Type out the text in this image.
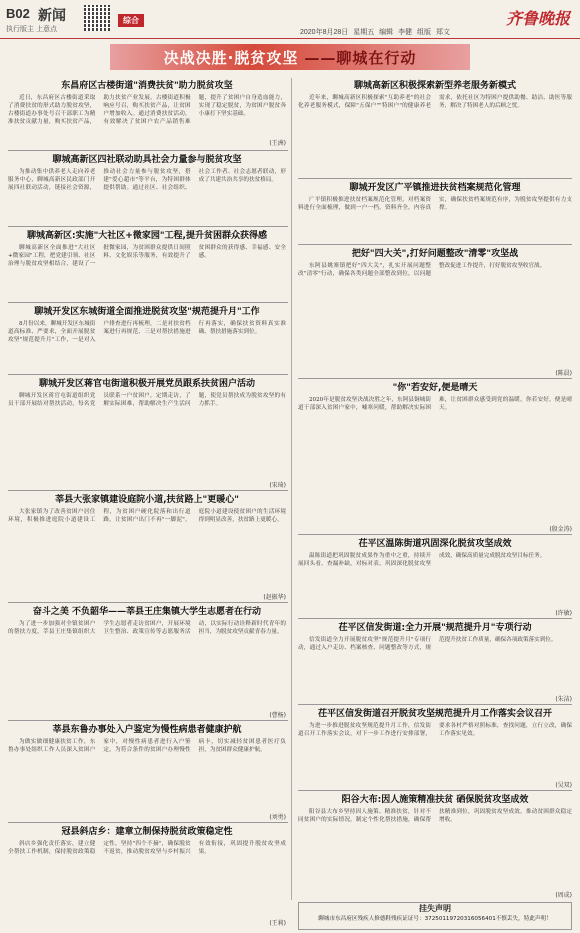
B02 新闻
执行版主 上意点
综合	齐鲁晚报
2020年8月28日 星期五 编辑 李健 组版 郑文
决战决胜·脱贫攻坚 ——聊城在行动
东昌府区古楼街道"消费扶贫"助力脱贫攻坚

近日，东昌府区古楼街道采取了消费扶贫的形式助力脱贫攻坚，古楼街道办事处号召干部职工为精准扶贫贡献力量，购买扶贫产品，助力扶贫产业发展。古楼街道积极响应号召，购买扶贫产品，让贫困户增加收入。通过消费扶贫活动，有效解决了贫困户农产品销售难题，提升了贫困户自身造血能力，实现了稳定脱贫，为贫困户脱贫奔小康打下坚实基础。

(王洲)
聊城高新区四社联动助具社会力量参与脱贫攻坚

为推动集中供养老人走向养老服务中心，聊城高新区民政部门开展四社联动活动，链接社会资源，推动社会力量参与脱贫攻坚，搭建"爱心超市"等平台，为特困群体提供帮助。通过社区、社会组织、社会工作者、社会志愿者联动，形成了共建共治共享的扶贫格局。

聊城高新区:实施"大社区+微家园"工程,提升贫困群众获得感

聊城高新区全面推进"大社区+微家园"工程，把党建引领、社区治理与脱贫攻坚相结合，建设了一批微家园，为贫困群众提供日间照料、文化娱乐等服务，有效提升了贫困群众的获得感、幸福感、安全感。

聊城开发区东城街道全面推进脱贫攻坚"规范提升月"工作

8月份以来，聊城开发区东城街道高标准、严要求，全面开展脱贫攻坚"规范提升月"工作，一是对入户排查进行再梳理，二是对扶贫档案进行再规范，三是对帮扶措施进行再落实，确保扶贫资料真实准确、帮扶措施落实到位。

聊城开发区蒋官屯街道积极开展党员跟系扶贫困户活动

聊城开发区蒋官屯街道组织党员干部开展结对帮扶活动，每名党员联系一户贫困户，定期走访，了解实际困难，帮助解决生产生活问题，使党员帮扶成为脱贫攻坚的有力抓手。

(宋琦)
莘县大张家镇建设庭院小道,扶贫路上"更暖心"

大张家镇为了改善贫困户居住环境，积极推进庭院小道建设工程，为贫困户硬化院落和出行道路，让贫困户出门不再"一脚泥"。庭院小道建设使贫困户的生活环境得到明显改善，扶贫路上更暖心。

(赵振华)
奋斗之美 不负韶华——莘县王庄集镇大学生志愿者在行动

为了进一步加强对全镇贫困户的帮扶力度，莘县王庄集镇组织大学生志愿者走访贫困户，开展环境卫生整治、政策宣传等志愿服务活动，以实际行动诠释新时代青年的担当，为脱贫攻坚贡献青春力量。

(曹杨)
莘县东鲁办事处入户鉴定为慢性病患者健康护航

为做实做细健康扶贫工作，东鲁办事处组织工作人员深入贫困户家中，对慢性病患者进行入户鉴定，为符合条件的贫困户办理慢性病卡，切实减轻贫困患者医疗负担，为贫困群众健康护航。

(刘勇)
冠县斜店乡：建章立制保持脱贫政策稳定性

斜店乡强化责任落实，建立健全帮扶工作机制，保持脱贫政策稳定性，坚持"四个不摘"，确保脱贫不返贫，推动脱贫攻坚与乡村振兴有效衔接，巩固提升脱贫攻坚成果。

(王莉)
聊城高新区积极探索新型养老服务新模式

近年来，聊城高新区积极探索"互助养老"的社会化养老服务模式，保障"五保户""特困户"的健康养老需求，依托社区为特困户提供助餐、助洁、助医等服务，解决了特困老人的后顾之忧。

聊城开发区广平镇推进扶贫档案规范化管理

广平镇积极推进扶贫档案规范化管理，对档案资料进行全面梳理，做到一户一档，资料齐全，内容真实，确保扶贫档案规范有序，为脱贫攻坚提供有力支撑。

把好"四大关",打好问题整改"清零"攻坚战

东阿县姚寨镇把好"四大关"，扎实开展问题整改"清零"行动，确保各类问题全部整改到位，以问题整改促进工作提升，打好脱贫攻坚收官战。

(陈晨)
"你"若安好,便是晴天

2020年是脱贫攻坚决战决胜之年，东阿县铜城街道干部深入贫困户家中，嘘寒问暖，帮助解决实际困难，让贫困群众感受到党的温暖，你若安好，便是晴天。

(殷金涛)
茌平区温陈街道巩固深化脱贫攻坚成效

温陈街道把巩固脱贫成果作为重中之重，持续开展回头看，查漏补缺，对标对表，巩固深化脱贫攻坚成效，确保高质量完成脱贫攻坚目标任务。

(许敏)
茌平区信发街道:全力开展"规范提升月"专项行动

信发街道全力开展脱贫攻坚"规范提升月"专项行动，通过入户走访、档案核查、问题整改等方式，规范提升扶贫工作质量，确保各项政策落实到位。

(朱洁)
茌平区信发街道召开脱贫攻坚规范提升月工作落实会议召开

为进一步推进脱贫攻坚规范提升月工作，信发街道召开工作落实会议，对下一步工作进行安排部署，要求各村严格对照标准，查找问题，立行立改，确保工作落实见效。

(吴双)
阳谷大布:因人施策精准扶贫 硒保脱贫攻坚成效

阳谷县大布乡坚持因人施策、精准扶贫，针对不同贫困户的实际情况，制定个性化帮扶措施，确保帮扶精准到位，巩固脱贫攻坚成效，推动贫困群众稳定增收。

(周成)
挂失声明
聊城市东昌府区残疾人修德鞋残疾证证号：37250119720316056401不慎丢失，特此声明！
